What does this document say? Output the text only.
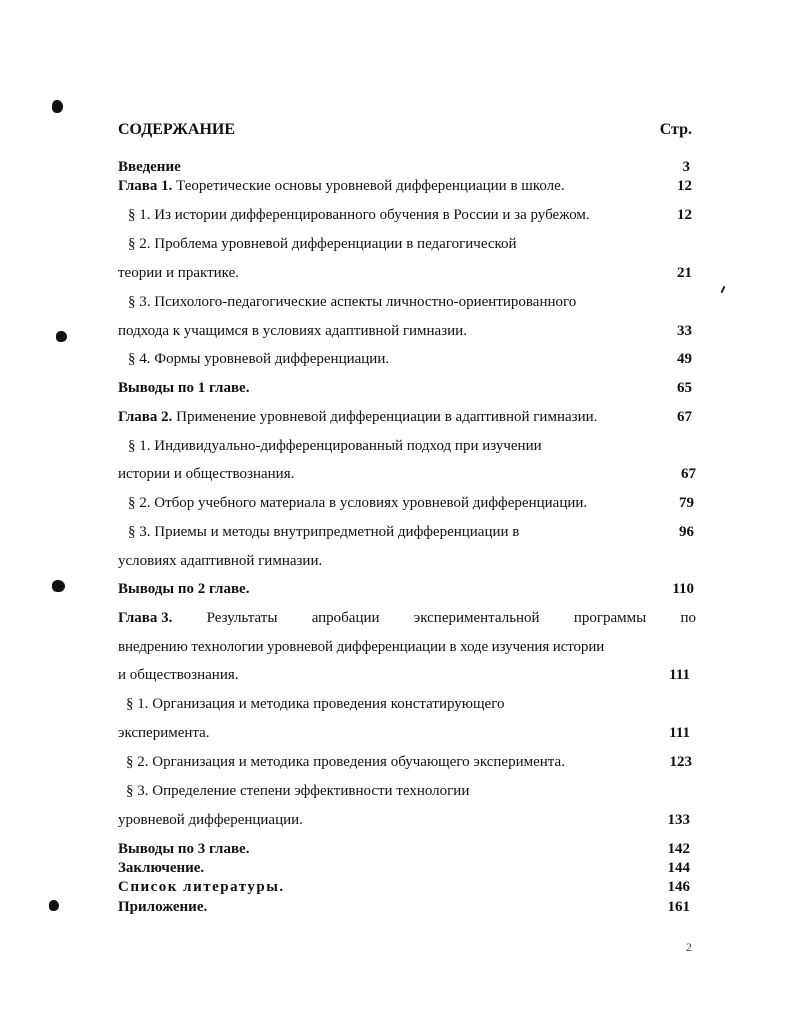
СОДЕРЖАНИЕ	Стр.
Введение	3
Глава 1. Теоретические основы уровневой дифференциации в школе.	12
§ 1. Из истории дифференцированного обучения в России и за рубежом.	12
§ 2. Проблема уровневой дифференциации в педагогической
теории и практике.	21
§ 3. Психолого-педагогические аспекты личностно-ориентированного
подхода к учащимся в условиях адаптивной гимназии.	33
§ 4. Формы уровневой дифференциации.	49
Выводы по 1 главе.	65
Глава 2. Применение уровневой дифференциации в адаптивной гимназии.	67
§ 1. Индивидуально-дифференцированный подход при изучении
истории и обществознания.	67
§ 2. Отбор учебного материала в условиях уровневой дифференциации.	79
§ 3. Приемы и методы внутрипредметной дифференциации в	96
условиях адаптивной гимназии.
Выводы по 2 главе.	110
Глава 3. Результаты апробации экспериментальной программы по
внедрению технологии уровневой дифференциации в ходе изучения истории
и обществознания.	111
§ 1. Организация и методика проведения констатирующего
эксперимента.	111
§ 2. Организация и методика проведения обучающего эксперимента.	123
§ 3. Определение степени эффективности технологии
уровневой дифференциации.	133
Выводы по 3 главе.	142
Заключение.	144
Список литературы.	146
Приложение.	161
2
